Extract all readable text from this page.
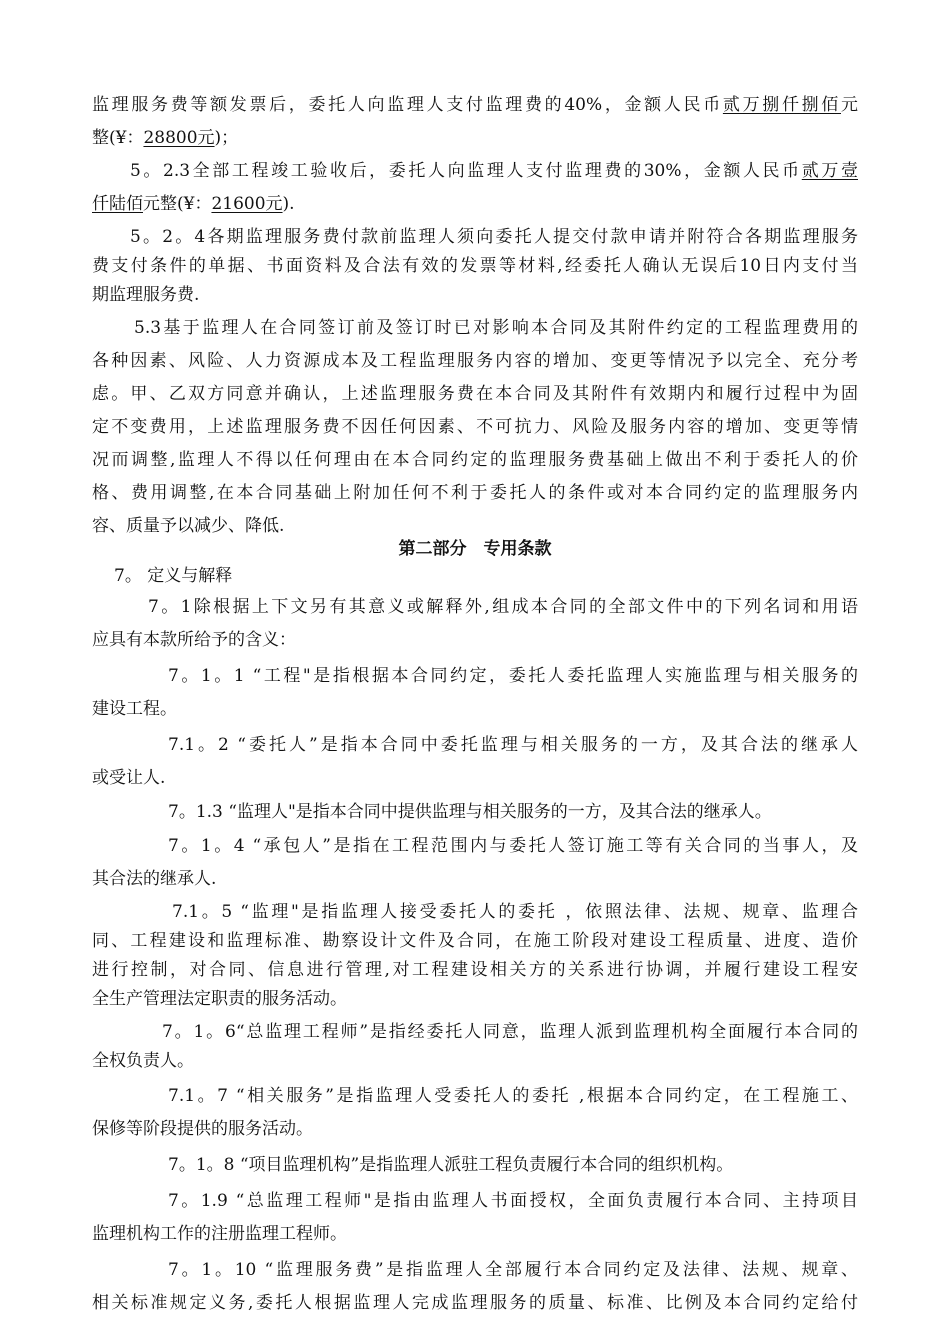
监理服务费等额发票后，委托人向监理人支付监理费的40%，金额人民币贰万捌仟捌佰元
整(¥：28800元)；
5。2.3全部工程竣工验收后，委托人向监理人支付监理费的30%，金额人民币贰万壹
仟陆佰元整(¥：21600元).
5。2。4各期监理服务费付款前监理人须向委托人提交付款申请并附符合各期监理服务
费支付条件的单据、书面资料及合法有效的发票等材料,经委托人确认无误后10日内支付当
期监理服务费.
5.3基于监理人在合同签订前及签订时已对影响本合同及其附件约定的工程监理费用的
各种因素、风险、人力资源成本及工程监理服务内容的增加、变更等情况予以完全、充分考
虑。甲、乙双方同意并确认，上述监理服务费在本合同及其附件有效期内和履行过程中为固
定不变费用，上述监理服务费不因任何因素、不可抗力、风险及服务内容的增加、变更等情
况而调整,监理人不得以任何理由在本合同约定的监理服务费基础上做出不利于委托人的价
格、费用调整,在本合同基础上附加任何不利于委托人的条件或对本合同约定的监理服务内
容、质量予以减少、降低.
第二部分　专用条款
7。 定义与解释
7。1除根据上下文另有其意义或解释外,组成本合同的全部文件中的下列名词和用语
应具有本款所给予的含义：
7。1。1 “工程"是指根据本合同约定，委托人委托监理人实施监理与相关服务的
建设工程。
7.1。2 “委托人”是指本合同中委托监理与相关服务的一方，及其合法的继承人
或受让人.
7。1.3 “监理人"是指本合同中提供监理与相关服务的一方，及其合法的继承人。
7。1。4 “承包人”是指在工程范围内与委托人签订施工等有关合同的当事人，及
其合法的继承人.
7.1。5 “监理"是指监理人接受委托人的委托 ，依照法律、法规、规章、监理合
同、工程建设和监理标准、勘察设计文件及合同，在施工阶段对建设工程质量、进度、造价
进行控制，对合同、信息进行管理,对工程建设相关方的关系进行协调，并履行建设工程安
全生产管理法定职责的服务活动。
7。1。6“总监理工程师”是指经委托人同意，监理人派到监理机构全面履行本合同的
全权负责人。
7.1。7 “相关服务”是指监理人受委托人的委托 ,根据本合同约定，在工程施工、
保修等阶段提供的服务活动。
7。1。8 “项目监理机构”是指监理人派驻工程负责履行本合同的组织机构。
7。1.9 “总监理工程师"是指由监理人书面授权，全面负责履行本合同、主持项目
监理机构工作的注册监理工程师。
7。1。10 “监理服务费”是指监理人全部履行本合同约定及法律、法规、规章、
相关标准规定义务,委托人根据监理人完成监理服务的质量、标准、比例及本合同约定给付
